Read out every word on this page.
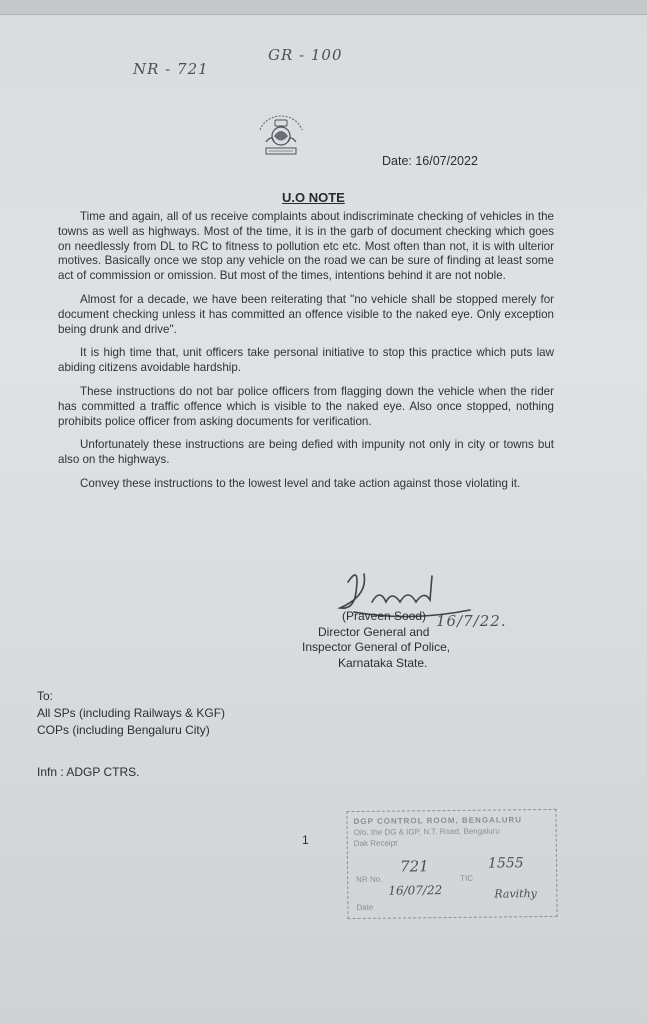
NR - 721
GR - 100
Date: 16/07/2022
U.O NOTE

Time and again, all of us receive complaints about indiscriminate checking of vehicles in the towns as well as highways. Most of the time, it is in the garb of document checking which goes on needlessly from DL to RC to fitness to pollution etc etc. Most often than not, it is with ulterior motives. Basically once we stop any vehicle on the road we can be sure of finding at least some act of commission or omission. But most of the times, intentions behind it are not noble.

Almost for a decade, we have been reiterating that "no vehicle shall be stopped merely for document checking unless it has committed an offence visible to the naked eye. Only exception being drunk and drive".

It is high time that, unit officers take personal initiative to stop this practice which puts law abiding citizens avoidable hardship.

These instructions do not bar police officers from flagging down the vehicle when the rider has committed a traffic offence which is visible to the naked eye. Also once stopped, nothing prohibits police officer from asking documents for verification.

Unfortunately these instructions are being defied with impunity not only in city or towns but also on the highways.

Convey these instructions to the lowest level and take action against those violating it.

16/7/22.
(Praveen Sood)
Director General and
Inspector General of Police,
Karnataka State.
To:
All SPs (including Railways & KGF)
COPs (including Bengaluru City)
Infn : ADGP CTRS.
1
DGP CONTROL ROOM, BENGALURU
O/o. the DG & IGP, N.T. Road, Bengaluru
Dak Receipt
NR No.
721
TIC
1555
Date
16/07/22	Ravithy
